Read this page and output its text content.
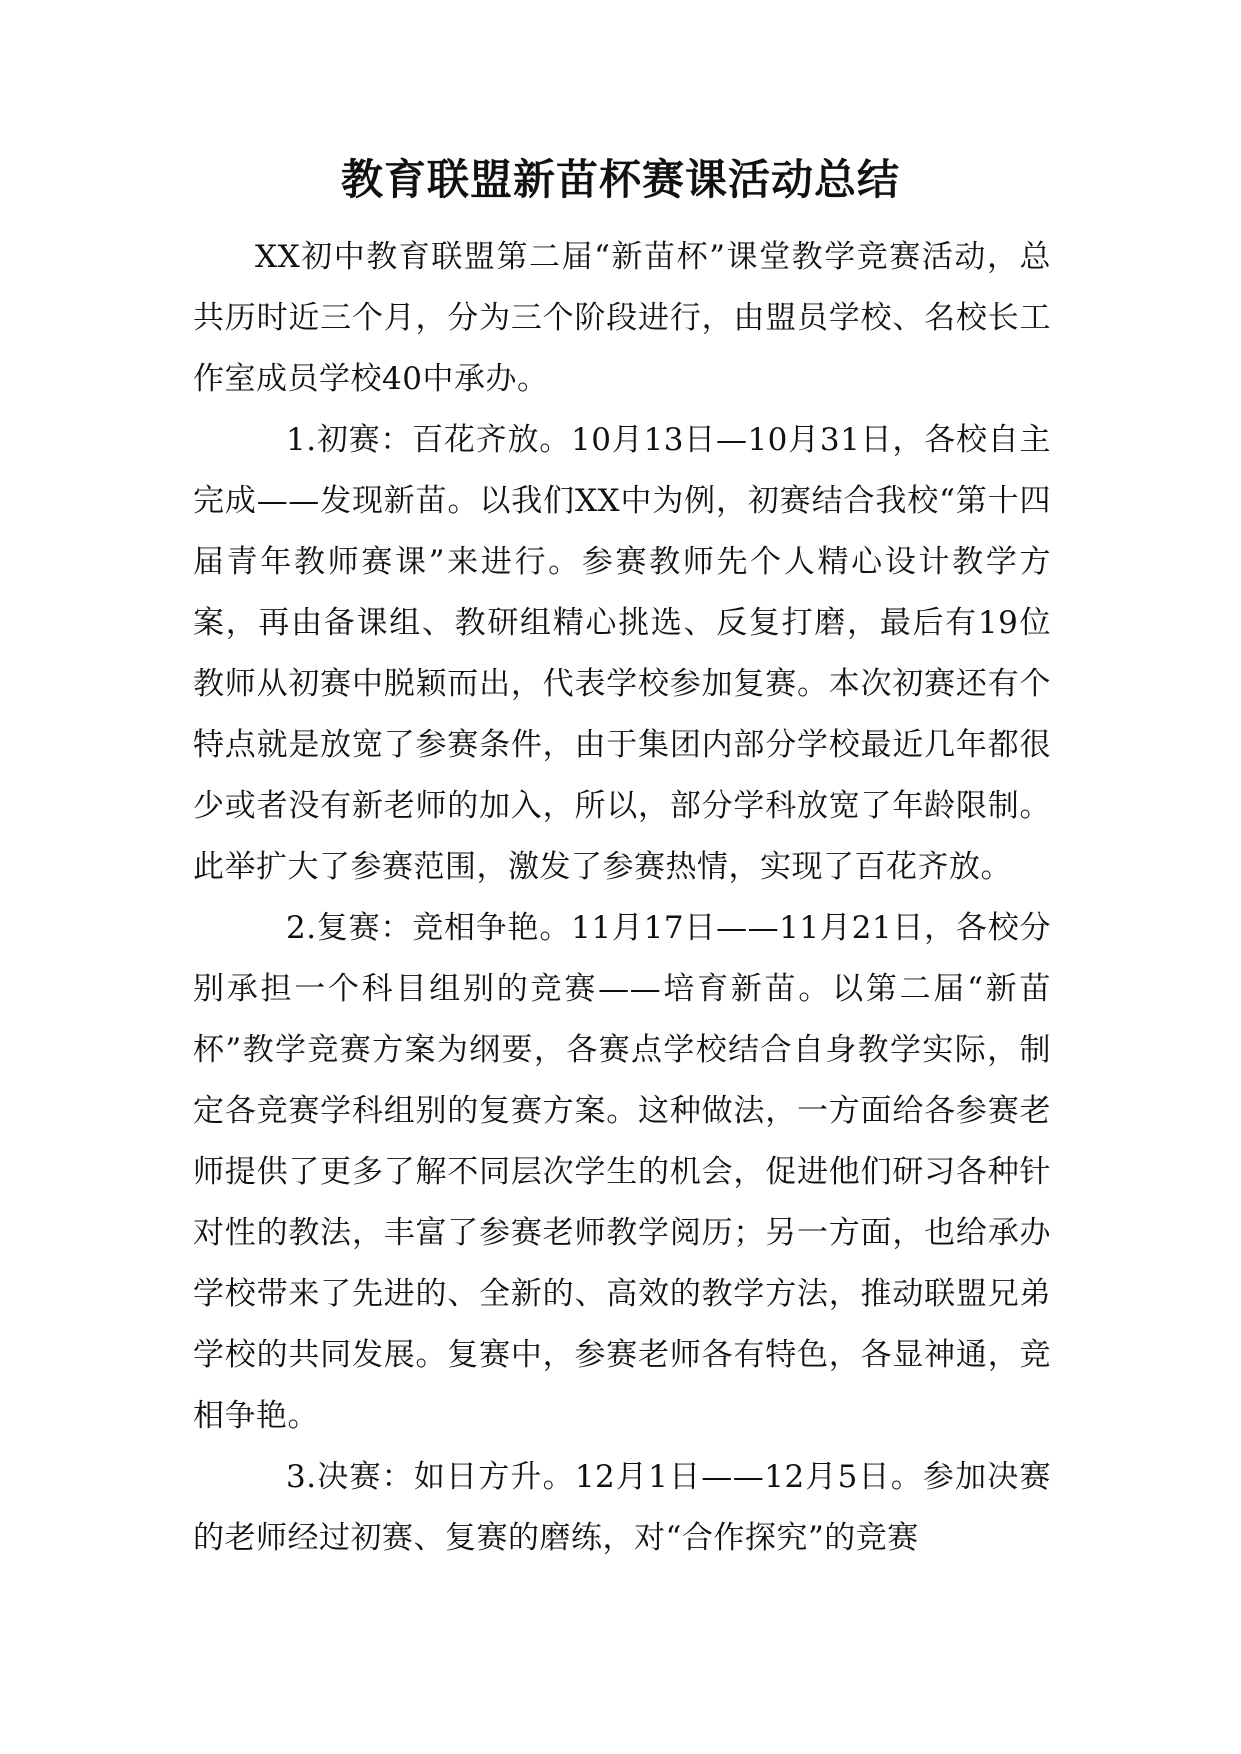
教育联盟新苗杯赛课活动总结

XX初中教育联盟第二届“新苗杯”课堂教学竞赛活动，总共历时近三个月，分为三个阶段进行，由盟员学校、名校长工作室成员学校40中承办。

1.初赛：百花齐放。10月13日—10月31日，各校自主完成——发现新苗。以我们XX中为例，初赛结合我校“第十四届青年教师赛课”来进行。参赛教师先个人精心设计教学方案，再由备课组、教研组精心挑选、反复打磨，最后有19位教师从初赛中脱颖而出，代表学校参加复赛。本次初赛还有个特点就是放宽了参赛条件，由于集团内部分学校最近几年都很少或者没有新老师的加入，所以，部分学科放宽了年龄限制。此举扩大了参赛范围，激发了参赛热情，实现了百花齐放。

2.复赛：竞相争艳。11月17日——11月21日，各校分别承担一个科目组别的竞赛——培育新苗。以第二届“新苗杯”教学竞赛方案为纲要，各赛点学校结合自身教学实际，制定各竞赛学科组别的复赛方案。这种做法，一方面给各参赛老师提供了更多了解不同层次学生的机会，促进他们研习各种针对性的教法，丰富了参赛老师教学阅历；另一方面，也给承办学校带来了先进的、全新的、高效的教学方法，推动联盟兄弟学校的共同发展。复赛中，参赛老师各有特色，各显神通，竞相争艳。

3.决赛：如日方升。12月1日——12月5日。参加决赛的老师经过初赛、复赛的磨练，对“合作探究”的竞赛
